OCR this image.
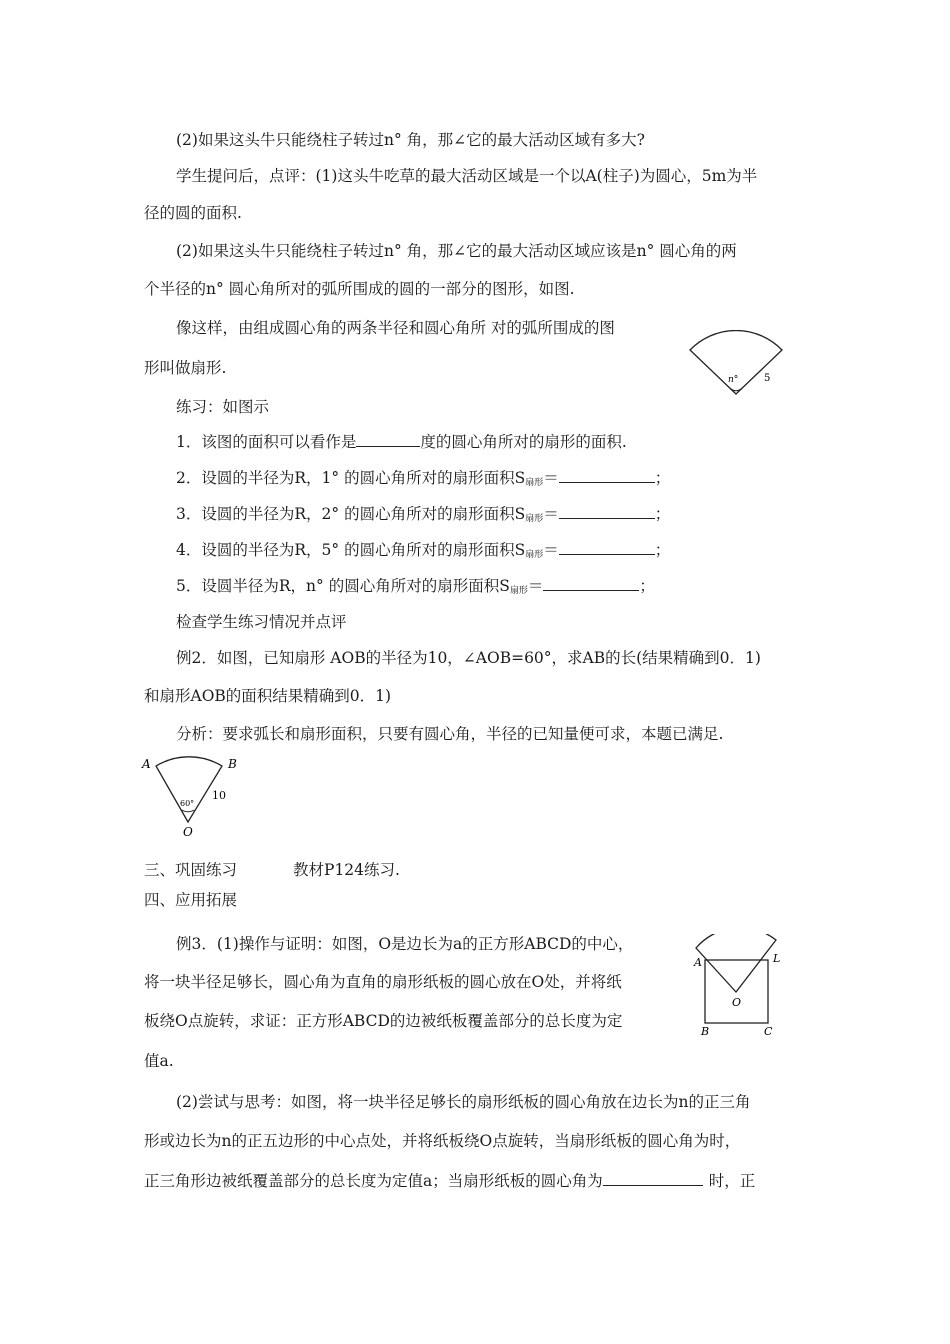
(2)如果这头牛只能绕柱子转过n° 角，那∠它的最大活动区域有多大?
学生提问后，点评：(1)这头牛吃草的最大活动区域是一个以A(柱子)为圆心，5m为半
径的圆的面积.
(2)如果这头牛只能绕柱子转过n° 角，那∠它的最大活动区域应该是n° 圆心角的两
个半径的n° 圆心角所对的弧所围成的圆的一部分的图形，如图.
像这样，由组成圆心角的两条半径和圆心角所 对的弧所围成的图
形叫做扇形.
n°	5
练习：如图示
1．该图的面积可以看作是	度的圆心角所对的扇形的面积.
2．设圆的半径为R，1° 的圆心角所对的扇形面积$S_{扇形}=$	；
3．设圆的半径为R，2° 的圆心角所对的扇形面积$S_{扇形}=$	；
4．设圆的半径为R，5° 的圆心角所对的扇形面积$S_{扇形}=$	；
5．设圆半径为R，n° 的圆心角所对的扇形面积$S_{扇形}=$	；
检查学生练习情况并点评
例2．如图，已知扇形 AOB的半径为10，∠AOB=60°，求AB的长(结果精确到0．1)
和扇形AOB的面积结果精确到0．1)
分析：要求弧长和扇形面积，只要有圆心角，半径的已知量便可求，本题已满足.
A	B
O
60°
10
三、巩固练习	教材P124练习.
四、应用拓展
例3．(1)操作与证明：如图，O是边长为a的正方形ABCD的中心，
将一块半径足够长，圆心角为直角的扇形纸板的圆心放在O处，并将纸
板绕O点旋转，求证：正方形ABCD的边被纸板覆盖部分的总长度为定
值a.
A	L
B	C
O
(2)尝试与思考：如图，将一块半径足够长的扇形纸板的圆心角放在边长为n的正三角
形或边长为n的正五边形的中心点处，并将纸板绕O点旋转，当扇形纸板的圆心角为时，
正三角形边被纸覆盖部分的总长度为定值a；当扇形纸板的圆心角为	时，正
